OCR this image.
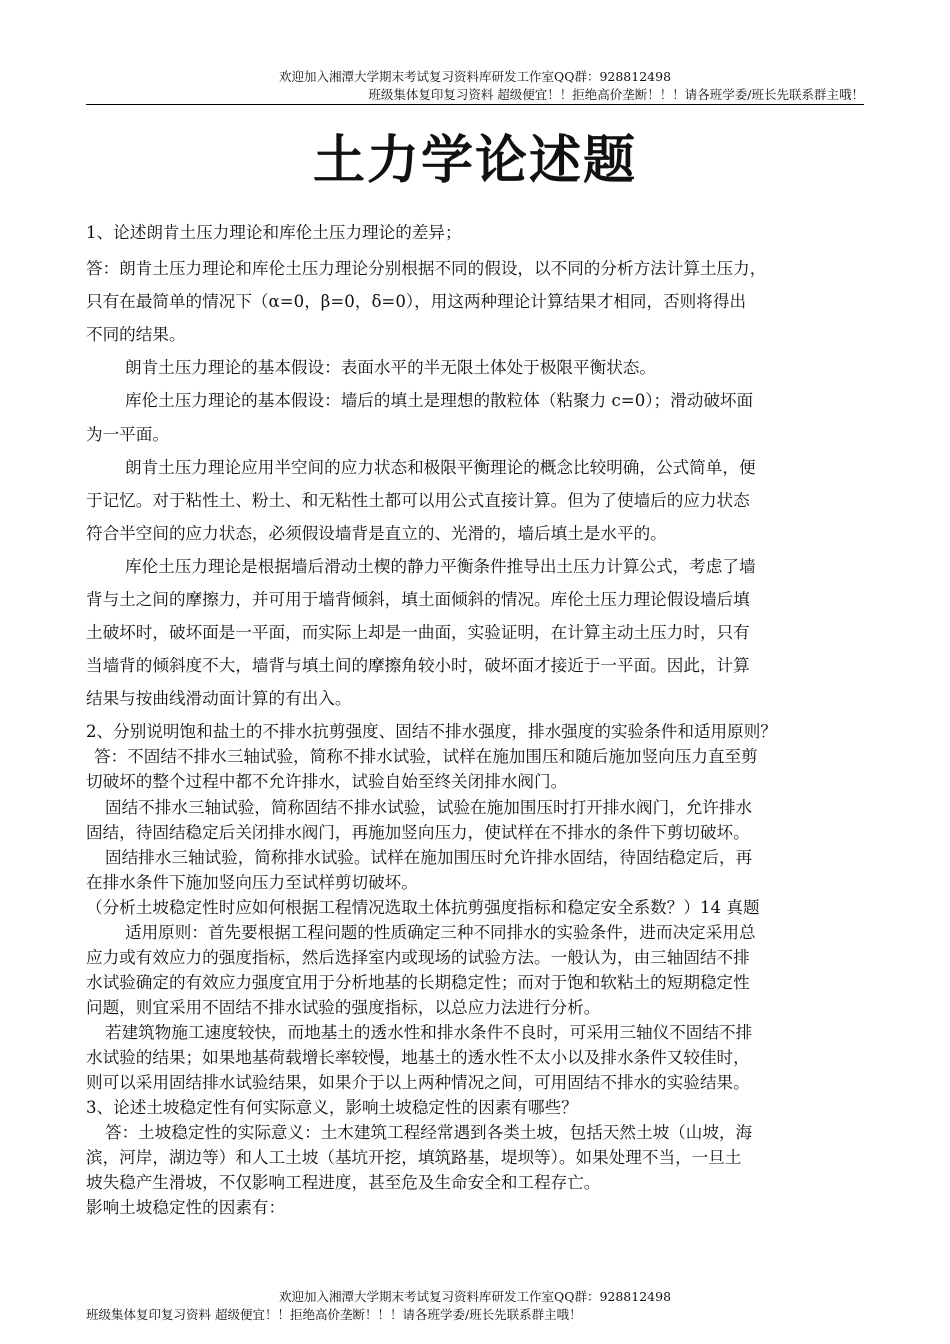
欢迎加入湘潭大学期末考试复习资料库研发工作室QQ群：928812498
班级集体复印复习资料 超级便宜！！拒绝高价垄断！！！请各班学委/班长先联系群主哦！
土力学论述题
1、论述朗肯土压力理论和库伦土压力理论的差异；
答：朗肯土压力理论和库伦土压力理论分别根据不同的假设，以不同的分析方法计算土压力，
只有在最简单的情况下（α=0，β=0，δ=0），用这两种理论计算结果才相同，否则将得出
不同的结果。
朗肯土压力理论的基本假设：表面水平的半无限土体处于极限平衡状态。
库伦土压力理论的基本假设：墙后的填土是理想的散粒体（粘聚力 c=0）；滑动破坏面
为一平面。
朗肯土压力理论应用半空间的应力状态和极限平衡理论的概念比较明确，公式简单，便
于记忆。对于粘性土、粉土、和无粘性土都可以用公式直接计算。但为了使墙后的应力状态
符合半空间的应力状态，必须假设墙背是直立的、光滑的，墙后填土是水平的。
库伦土压力理论是根据墙后滑动土楔的静力平衡条件推导出土压力计算公式，考虑了墙
背与土之间的摩擦力，并可用于墙背倾斜，填土面倾斜的情况。库伦土压力理论假设墙后填
土破坏时，破坏面是一平面，而实际上却是一曲面，实验证明，在计算主动土压力时，只有
当墙背的倾斜度不大，墙背与填土间的摩擦角较小时，破坏面才接近于一平面。因此，计算
结果与按曲线滑动面计算的有出入。
2、分别说明饱和盐土的不排水抗剪强度、固结不排水强度，排水强度的实验条件和适用原则？
答：不固结不排水三轴试验，简称不排水试验，试样在施加围压和随后施加竖向压力直至剪
切破坏的整个过程中都不允许排水，试验自始至终关闭排水阀门。
固结不排水三轴试验，简称固结不排水试验，试验在施加围压时打开排水阀门，允许排水
固结，待固结稳定后关闭排水阀门，再施加竖向压力，使试样在不排水的条件下剪切破坏。
固结排水三轴试验，简称排水试验。试样在施加围压时允许排水固结，待固结稳定后，再
在排水条件下施加竖向压力至试样剪切破坏。
（分析土坡稳定性时应如何根据工程情况选取土体抗剪强度指标和稳定安全系数？）14 真题
适用原则：首先要根据工程问题的性质确定三种不同排水的实验条件，进而决定采用总
应力或有效应力的强度指标，然后选择室内或现场的试验方法。一般认为，由三轴固结不排
水试验确定的有效应力强度宜用于分析地基的长期稳定性；而对于饱和软粘土的短期稳定性
问题，则宜采用不固结不排水试验的强度指标，以总应力法进行分析。
若建筑物施工速度较快，而地基土的透水性和排水条件不良时，可采用三轴仪不固结不排
水试验的结果；如果地基荷载增长率较慢，地基土的透水性不太小以及排水条件又较佳时，
则可以采用固结排水试验结果，如果介于以上两种情况之间，可用固结不排水的实验结果。
3、论述土坡稳定性有何实际意义，影响土坡稳定性的因素有哪些？
答：土坡稳定性的实际意义：土木建筑工程经常遇到各类土坡，包括天然土坡（山坡，海
滨，河岸，湖边等）和人工土坡（基坑开挖，填筑路基，堤坝等）。如果处理不当，一旦土
坡失稳产生滑坡，不仅影响工程进度，甚至危及生命安全和工程存亡。
影响土坡稳定性的因素有：
欢迎加入湘潭大学期末考试复习资料库研发工作室QQ群：928812498
班级集体复印复习资料 超级便宜！！拒绝高价垄断！！！请各班学委/班长先联系群主哦！
